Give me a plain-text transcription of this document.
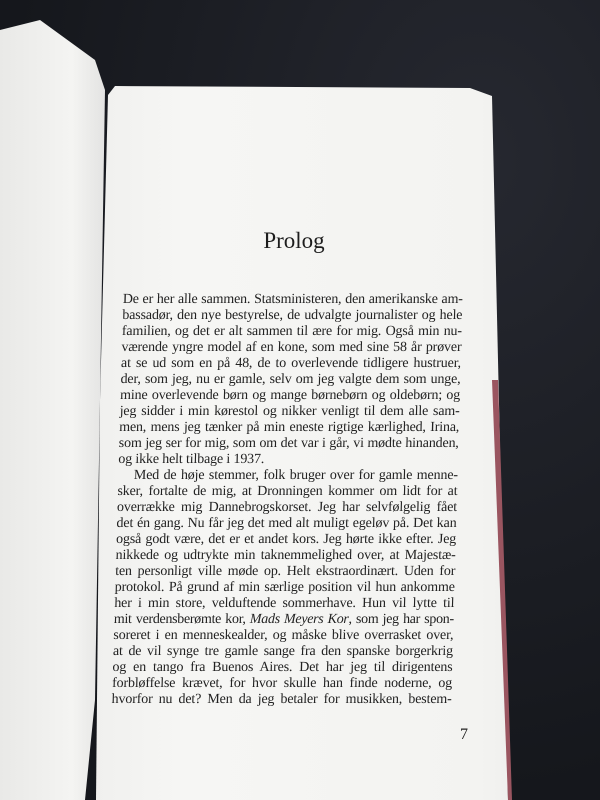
Prolog
De er her alle sammen. Statsministeren, den amerikanske am-
bassadør, den nye bestyrelse, de udvalgte journalister og hele
familien, og det er alt sammen til ære for mig. Også min nu-
værende yngre model af en kone, som med sine 58 år prøver
at se ud som en på 48, de to overlevende tidligere hustruer,
der, som jeg, nu er gamle, selv om jeg valgte dem som unge,
mine overlevende børn og mange børnebørn og oldebørn; og
jeg sidder i min kørestol og nikker venligt til dem alle sam-
men, mens jeg tænker på min eneste rigtige kærlighed, Irina,
som jeg ser for mig, som om det var i går, vi mødte hinanden,
og ikke helt tilbage i 1937.
Med de høje stemmer, folk bruger over for gamle menne-
sker, fortalte de mig, at Dronningen kommer om lidt for at
overrække mig Dannebrogskorset. Jeg har selvfølgelig fået
det én gang. Nu får jeg det med alt muligt egeløv på. Det kan
også godt være, det er et andet kors. Jeg hørte ikke efter. Jeg
nikkede og udtrykte min taknemmelighed over, at Majestæ-
ten personligt ville møde op. Helt ekstraordinært. Uden for
protokol. På grund af min særlige position vil hun ankomme
her i min store, velduftende sommerhave. Hun vil lytte til
mit verdensberømte kor, Mads Meyers Kor, som jeg har spon-
soreret i en menneskealder, og måske blive overrasket over,
at de vil synge tre gamle sange fra den spanske borgerkrig
og en tango fra Buenos Aires. Det har jeg til dirigentens
forbløffelse krævet, for hvor skulle han finde noderne, og
hvorfor nu det? Men da jeg betaler for musikken, bestem-
7
